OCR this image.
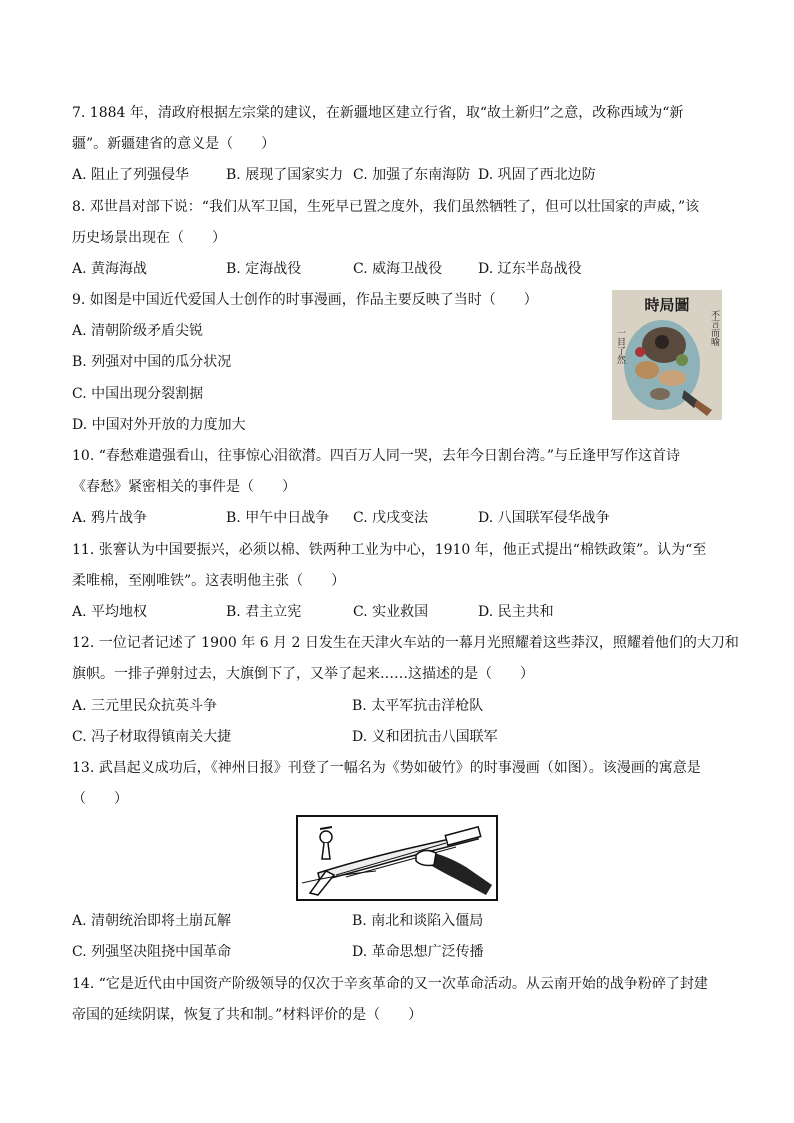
7. 1884 年，清政府根据左宗棠的建议，在新疆地区建立行省，取“故土新归”之意，改称西域为“新
疆”。新疆建省的意义是（　　）
A. 阻止了列强侵华	B. 展现了国家实力 C. 加强了东南海防 D. 巩固了西北边防
8. 邓世昌对部下说：“我们从军卫国，生死早已置之度外，我们虽然牺牲了，但可以壮国家的声威，”该
历史场景出现在（　　）
A. 黄海海战	B. 定海战役	C. 威海卫战役	D. 辽东半岛战役
9. 如图是中国近代爱国人士创作的时事漫画，作品主要反映了当时（　　）
A. 清朝阶级矛盾尖锐
B. 列强对中国的瓜分状况
C. 中国出现分裂割据
D. 中国对外开放的力度加大
時局圖
不言而喻
一目了然
10. “春愁难遣强看山，往事惊心泪欲潸。四百万人同一哭，去年今日割台湾。”与丘逢甲写作这首诗
《春愁》紧密相关的事件是（　　）
A. 鸦片战争	B. 甲午中日战争 C. 戊戌变法	D. 八国联军侵华战争
11. 张謇认为中国要振兴，必须以棉、铁两种工业为中心，1910 年，他正式提出“棉铁政策”。认为“至
柔唯棉，至刚唯铁”。这表明他主张（　　）
A. 平均地权	B. 君主立宪	C. 实业救国	D. 民主共和
12. 一位记者记述了 1900 年 6 月 2 日发生在天津火车站的一幕月光照耀着这些莽汉，照耀着他们的大刀和
旗帜。一排子弹射过去，大旗倒下了，又举了起来……这描述的是（　　）
A. 三元里民众抗英斗争	B. 太平军抗击洋枪队
C. 冯子材取得镇南关大捷	D. 义和团抗击八国联军
13. 武昌起义成功后，《神州日报》刊登了一幅名为《势如破竹》的时事漫画（如图）。该漫画的寓意是
（　　）
A. 清朝统治即将土崩瓦解	B. 南北和谈陷入僵局
C. 列强坚决阻挠中国革命	D. 革命思想广泛传播
14. “它是近代由中国资产阶级领导的仅次于辛亥革命的又一次革命活动。从云南开始的战争粉碎了封建
帝国的延续阴谋，恢复了共和制。”材料评价的是（　　）
